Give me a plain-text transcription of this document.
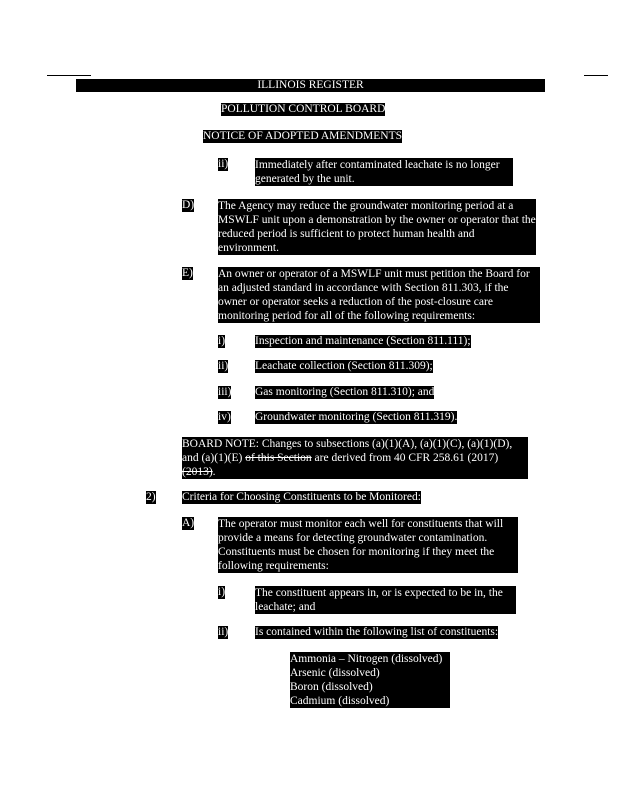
ILLINOIS REGISTER
POLLUTION CONTROL BOARD
NOTICE OF ADOPTED AMENDMENTS
ii) Immediately after contaminated leachate is no longer generated by the unit.
D) The Agency may reduce the groundwater monitoring period at a MSWLF unit upon a demonstration by the owner or operator that the reduced period is sufficient to protect human health and environment.
E) An owner or operator of a MSWLF unit must petition the Board for an adjusted standard in accordance with Section 811.303, if the owner or operator seeks a reduction of the post-closure care monitoring period for all of the following requirements:
i)	Inspection and maintenance (Section 811.111);
ii) Leachate collection (Section 811.309);
iii) Gas monitoring (Section 811.310); and
iv) Groundwater monitoring (Section 811.319).
BOARD NOTE: Changes to subsections (a)(1)(A), (a)(1)(C), (a)(1)(D), and (a)(1)(E) of this Section are derived from 40 CFR 258.61 (2017) (2013).
2) Criteria for Choosing Constituents to be Monitored:
A) The operator must monitor each well for constituents that will provide a means for detecting groundwater contamination. Constituents must be chosen for monitoring if they meet the following requirements:
i)	The constituent appears in, or is expected to be in, the leachate; and
ii) Is contained within the following list of constituents:
Ammonia – Nitrogen (dissolved)
Arsenic (dissolved)
Boron (dissolved)
Cadmium (dissolved)
